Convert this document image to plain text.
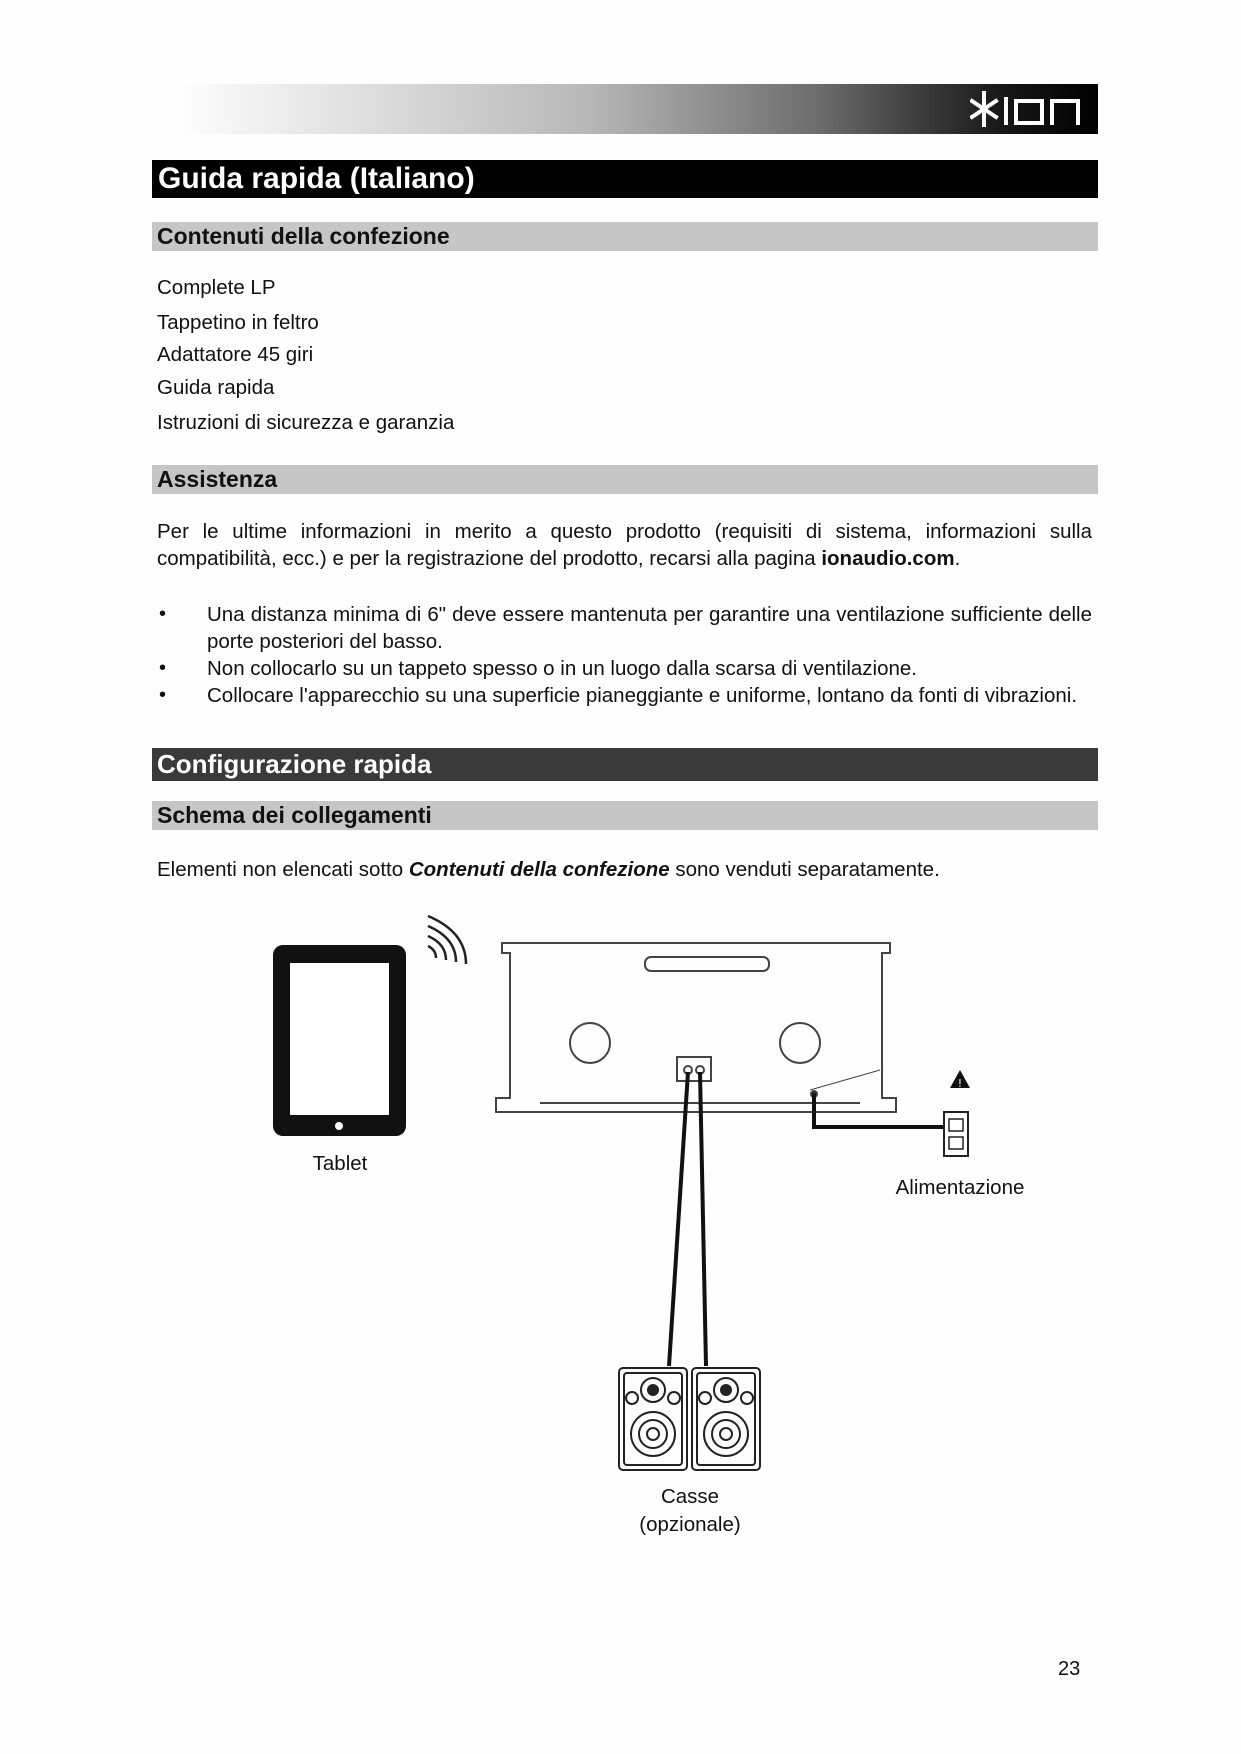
Guida rapida (Italiano)
Contenuti della confezione
Complete LP
Tappetino in feltro
Adattatore 45 giri
Guida rapida
Istruzioni di sicurezza e garanzia
Assistenza
Per le ultime informazioni in merito a questo prodotto (requisiti di sistema, informazioni sulla compatibilità, ecc.) e per la registrazione del prodotto, recarsi alla pagina ionaudio.com.
• Una distanza minima di 6" deve essere mantenuta per garantire una ventilazione sufficiente delle porte posteriori del basso.
• Non collocarlo su un tappeto spesso o in un luogo dalla scarsa di ventilazione.
• Collocare l'apparecchio su una superficie pianeggiante e uniforme, lontano da fonti di vibrazioni.
Configurazione rapida
Schema dei collegamenti
Elementi non elencati sotto Contenuti della confezione sono venduti separatamente.
!
Tablet
Alimentazione
Casse
(opzionale)
23
